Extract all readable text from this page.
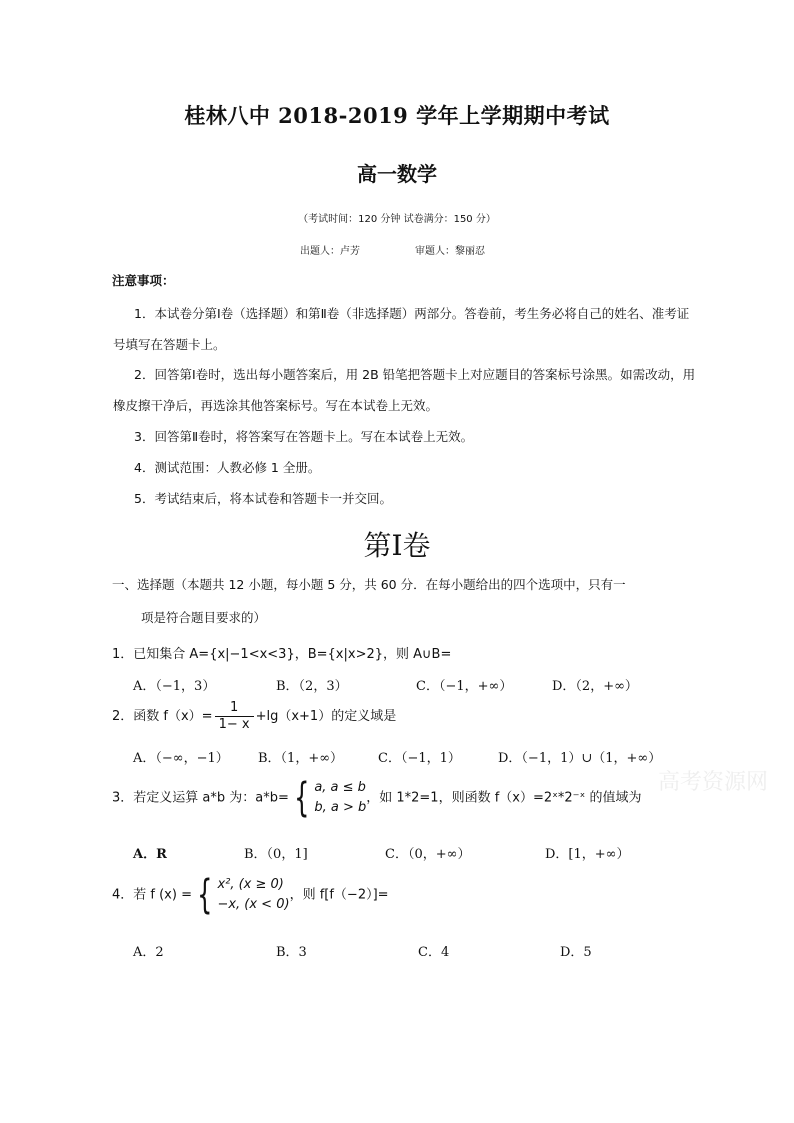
桂林八中 2018-2019 学年上学期期中考试
高一数学
（考试时间：120 分钟 试卷满分：150 分）
出题人：卢芳	审题人：黎丽忍
注意事项：
1．本试卷分第Ⅰ卷（选择题）和第Ⅱ卷（非选择题）两部分。答卷前，考生务必将自己的姓名、准考证
号填写在答题卡上。
2．回答第Ⅰ卷时，选出每小题答案后，用 2B 铅笔把答题卡上对应题目的答案标号涂黑。如需改动，用
橡皮擦干净后，再选涂其他答案标号。写在本试卷上无效。
3．回答第Ⅱ卷时，将答案写在答题卡上。写在本试卷上无效。
4．测试范围：人教必修 1 全册。
5．考试结束后，将本试卷和答题卡一并交回。
第Ⅰ卷
一、选择题（本题共 12 小题，每小题 5 分，共 60 分．在每小题给出的四个选项中，只有一
项是符合题目要求的）
1．已知集合 A={x|−1<x<3}，B={x|x>2}，则 A∪B=
A．（−1，3）	B．（2，3）	C．（−1，+∞）	D．（2，+∞）
2．函数 $f(x)= \frac{1}{1- x} +\lg(x+1)$的定义域是
A．（−∞，−1） B．（1，+∞）	C．（−1，1）	D．（−1，1）∪（1，+∞）
3．若定义运算 a*b 为：a*b= { a, a ≤ b
b, a > b
，如 1*2=1，则函数 f（x）=2ˣ*2⁻ˣ 的值域为
A．R	B．（0，1]	C．（0，+∞）	D．[1，+∞）
4．若 f (x) = { x², (x ≥ 0)
−x, (x < 0)
，则 f[f（−2）]=
A．2	B．3	C．4	D．5
高考资源网
